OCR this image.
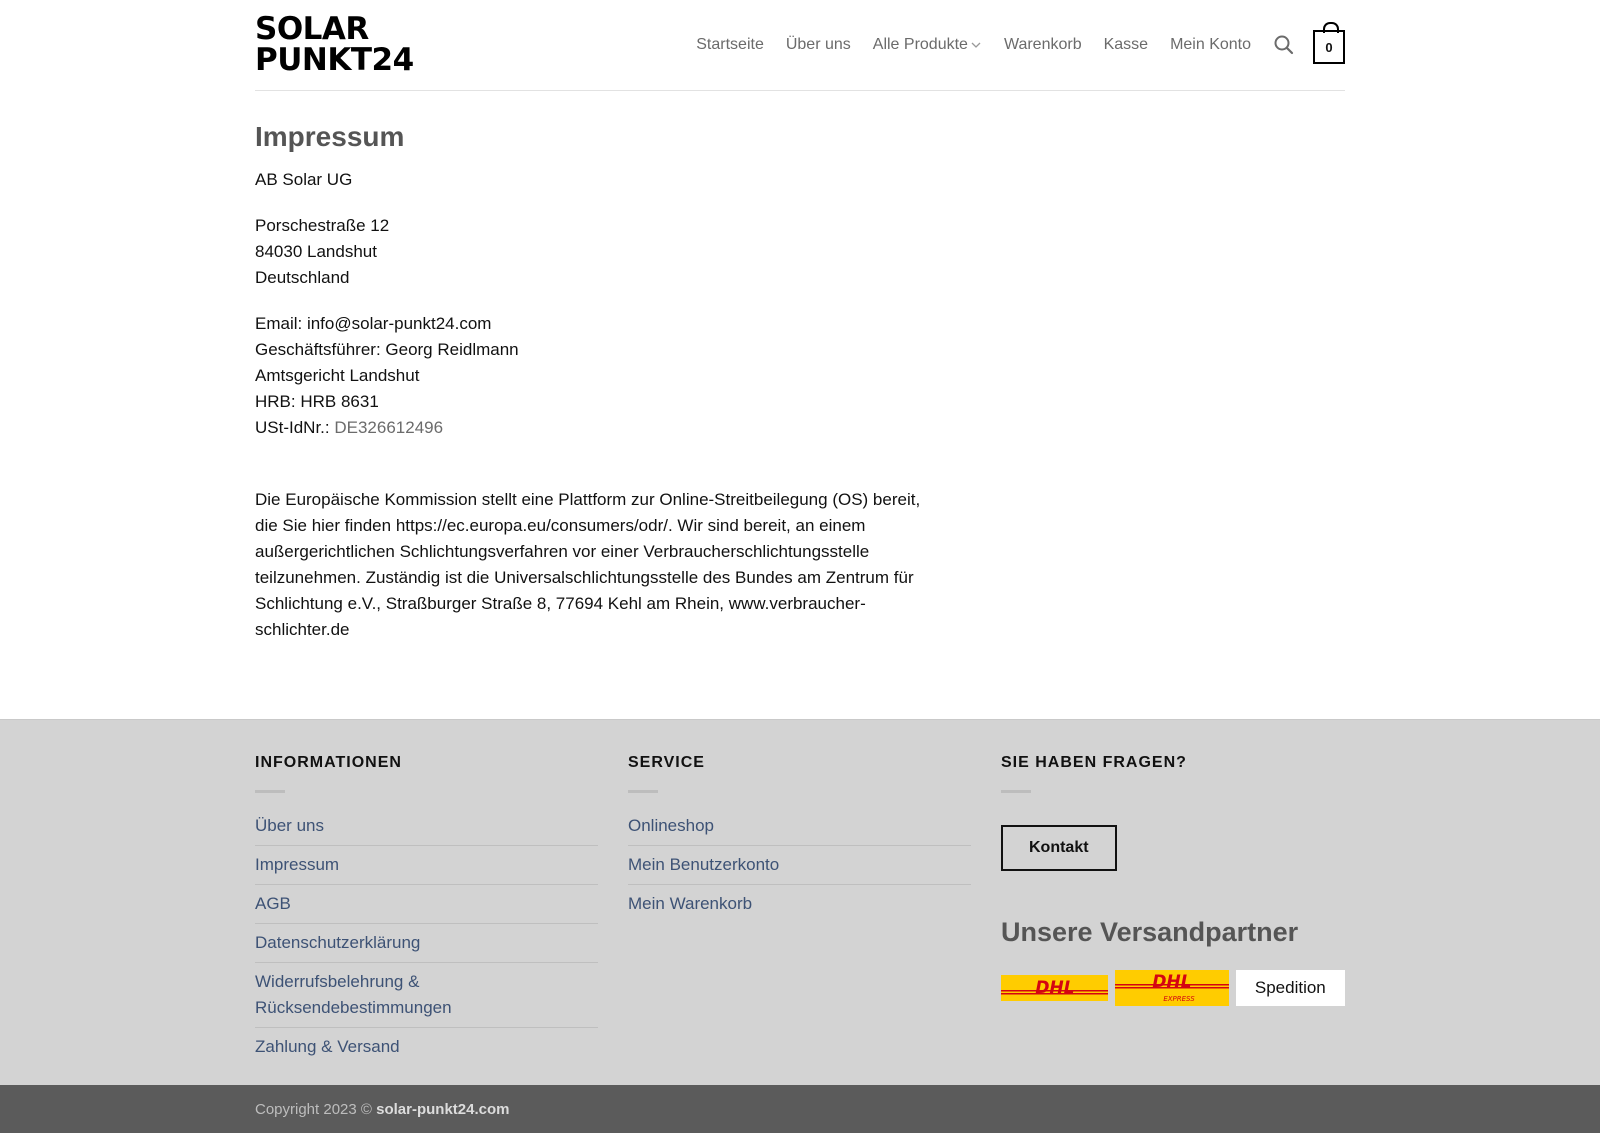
SOLAR
PUNKT24	Startseite Über uns Alle Produkte Warenkorb Kasse Mein Konto	0
Impressum

AB Solar UG

Porschestraße 12
84030 Landshut
Deutschland

Email: info@solar-punkt24.com
Geschäftsführer: Georg Reidlmann
Amtsgericht Landshut
HRB: HRB 8631
USt-IdNr.: DE326612496

Die Europäische Kommission stellt eine Plattform zur Online-Streitbeilegung (OS) bereit, die Sie hier finden https://ec.europa.eu/consumers/odr/. Wir sind bereit, an einem außergerichtlichen Schlichtungsverfahren vor einer Verbraucherschlichtungsstelle teilzunehmen. Zuständig ist die Universalschlichtungsstelle des Bundes am Zentrum für Schlichtung e.V., Straßburger Straße 8, 77694 Kehl am Rhein, www.verbraucher-schlichter.de

INFORMATIONEN
Über uns
Impressum
AGB
Datenschutzerklärung
Widerrufsbelehrung & Rücksendebestimmungen
Zahlung & Versand
SERVICE
Onlineshop
Mein Benutzerkonto
Mein Warenkorb
SIE HABEN FRAGEN?
Kontakt
Unsere Versandpartner
DHL	DHL
EXPRESS
Spedition
Copyright 2023 © solar-punkt24.com
